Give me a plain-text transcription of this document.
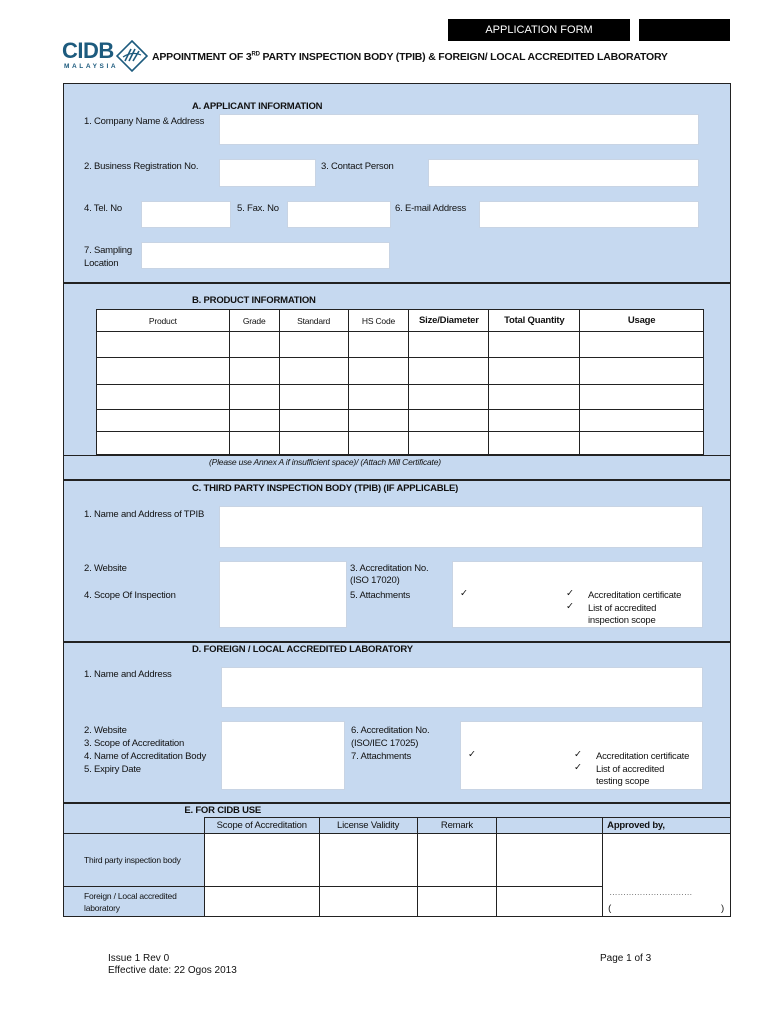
APPLICATION FORM
CIDB
MALAYSIA
APPOINTMENT OF 3RD PARTY INSPECTION BODY (TPIB) & FOREIGN/ LOCAL ACCREDITED LABORATORY
A. APPLICANT INFORMATION
1. Company Name & Address
2. Business Registration No.	3. Contact Person
4. Tel. No	5. Fax. No	6. E-mail Address
7. Sampling
Location
B. PRODUCT INFORMATION
Product	Grade	Standard	HS Code	Size/Diameter	Total Quantity	Usage

(Please use Annex A if insufficient space)/ (Attach Mill Certificate)
C. THIRD PARTY INSPECTION BODY (TPIB) (IF APPLICABLE)
1. Name and Address of TPIB
2. Website	3. Accreditation No.
(ISO 17020)
4. Scope Of Inspection	5. Attachments	✓	✓ Accreditation certificate
✓ List of accredited
inspection scope
D. FOREIGN / LOCAL ACCREDITED LABORATORY
1. Name and Address
2. Website
3. Scope of Accreditation
4. Name of Accreditation Body
5. Expiry Date
6. Accreditation No.
(ISO/IEC 17025)
7. Attachments	✓	✓ Accreditation certificate
✓ List of accredited
testing scope
	E. FOR CIDB USE				
	Scope of Accreditation	License Validity	Remark		Approved by,
Third party inspection body					…………………………
( )

Foreign / Local accredited
laboratory					

Issue 1 Rev 0
Effective date: 22 Ogos 2013
Page 1 of 3
